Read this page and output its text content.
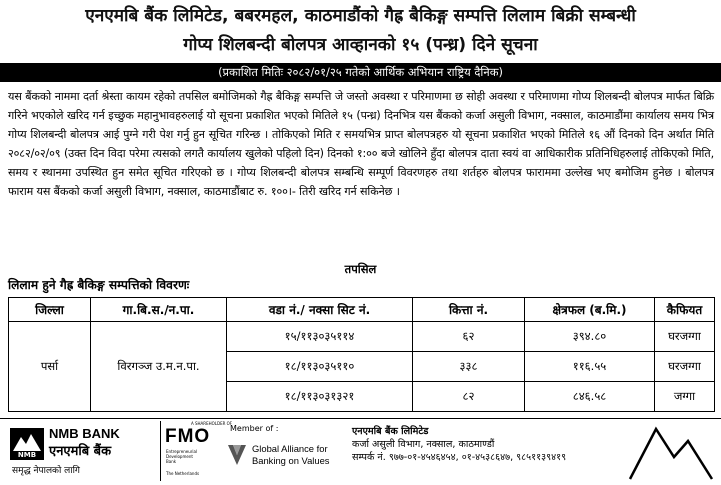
एनएमबि बैंक लिमिटेड, बबरमहल, काठमाडौंको गैह्र बैकिङ्ग सम्पत्ति लिलाम बिक्री सम्बन्धी
गोप्य शिलबन्दी बोलपत्र आव्हानको १५ (पन्ध्र) दिने सूचना
(प्रकाशित मितिः २०८२/०१/२५ गतेको आर्थिक अभियान राष्ट्रिय दैनिक)

यस बैंकको नाममा दर्ता श्रेस्ता कायम रहेको तपसिल बमोजिमको गैह्र बैकिङ्ग सम्पत्ति जे जस्तो अवस्था र परिमाणमा छ सोही अवस्था र परिमाणमा गोप्य शिलबन्दी बोलपत्र मार्फत बिक्रि गरिने भएकोले खरिद गर्न इच्छुक महानुभावहरुलाई यो सूचना प्रकाशित भएको मितिले १५ (पन्ध्र) दिनभित्र यस बैंकको कर्जा असुली विभाग, नक्साल, काठमाडौंमा कार्यालय समय भित्र गोप्य शिलबन्दी बोलपत्र आई पुग्ने गरी पेश गर्नु हुन सूचित गरिन्छ । तोकिएको मिति र समयभित्र प्राप्त बोलपत्रहरु यो सूचना प्रकाशित भएको मितिले १६ औं दिनको दिन अर्थात मिति २०८२/०२/०९ (उक्त दिन विदा परेमा त्यसको लगतै कार्यालय खुलेको पहिलो दिन) दिनको १:०० बजे खोलिने हुँदा बोलपत्र दाता स्वयं वा आधिकारीक प्रतिनिधिहरुलाई तोकिएको मिति, समय र स्थानमा उपस्थित हुन समेत सूचित गरिएको छ । गोप्य शिलबन्दी बोलपत्र सम्बन्धि सम्पूर्ण विवरणहरु तथा शर्तहरु बोलपत्र फाराममा उल्लेख भए बमोजिम हुनेछ । बोलपत्र फाराम यस बैंकको कर्जा असुली विभाग, नक्साल, काठमाडौंबाट रु. १००।- तिरी खरिद गर्न सकिनेछ ।

तपसिल
लिलाम हुने गैह्र बैकिङ्ग सम्पत्तिको विवरणः
जिल्ला	गा.बि.स./न.पा.	वडा नं./ नक्सा सिट नं.	कित्ता नं.	क्षेत्रफल (ब.मि.)	कैफियत
पर्सा	विरगञ्ज उ.म.न.पा.	१५/११३०३५११४	६२	३९४.८०	घरजग्गा
		१८/११३०३५११०	३३८	११६.५५	घरजग्गा
		१८/११३०३१३२१	८२	८४६.५८	जग्गा
NMB
NMB BANK
एनएमबि बैंक
समृद्ध नेपालको लागि
A SHAREHOLDER OF
FMO
Entrepreneurial Development Bank
The Netherlands
Member of :
Global Alliance for
Banking on Values
एनएमबि बैंक लिमिटेड
कर्जा असुली विभाग, नक्साल, काठमाण्डौं
सम्पर्क नं. ९७७-०१-४५४६४५४, ०१-४५३८६४७, ९८५११३९४१९
